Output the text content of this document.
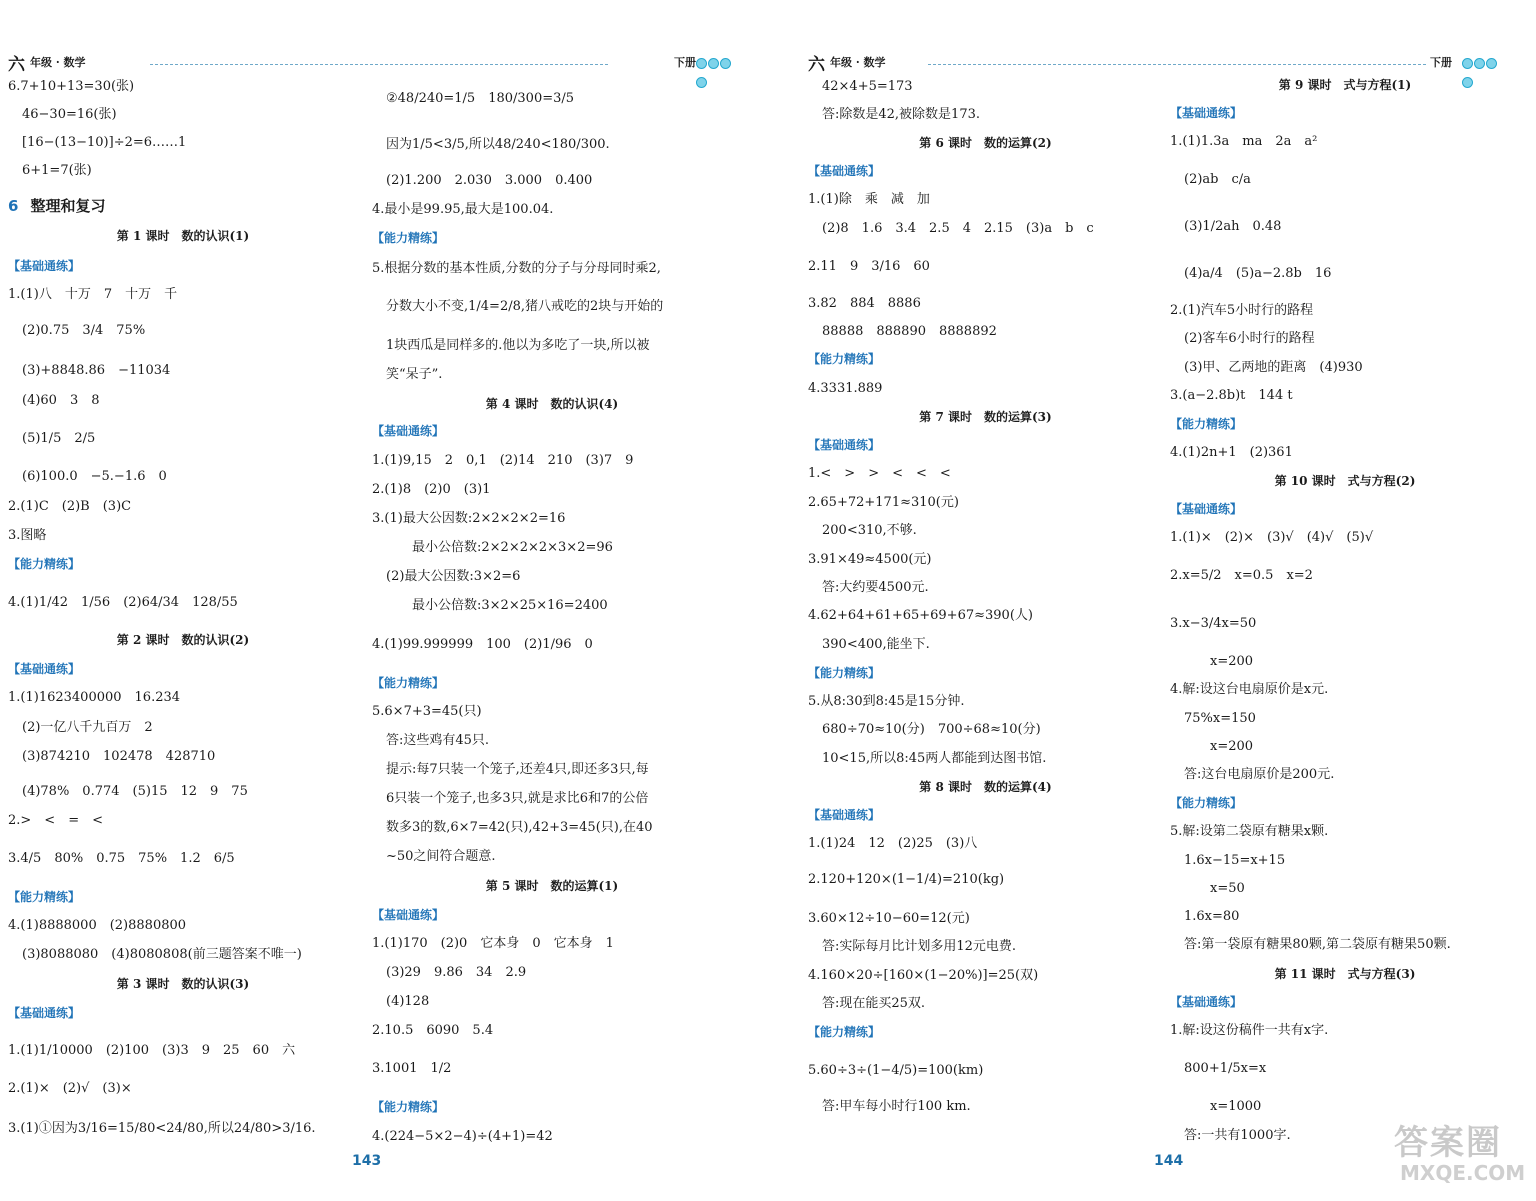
六 年级 · 数学	下册
6.7+10+13=30(张)
46−30=16(张)
[16−(13−10)]÷2=6……1
6+1=7(张)
6 整理和复习
第 1 课时　数的认识(1)
【基础通练】
1.(1)八　十万　7　十万　千
(2)0.75　3/4　75%
(3)+8848.86　−11034
(4)60　3　8
(5)1/5　2/5
(6)100.0　−5.−1.6　0
2.(1)C　(2)B　(3)C
3.图略
【能力精练】
4.(1)1/42　1/56　(2)64/34　128/55
第 2 课时　数的认识(2)
【基础通练】
1.(1)1623400000　16.234
(2)一亿八千九百万　2
(3)874210　102478　428710
(4)78%　0.774　(5)15　12　9　75
2.>　<　=　<
3.4/5　80%　0.75　75%　1.2　6/5
【能力精练】
4.(1)8888000　(2)8880800
(3)8088080　(4)8080808(前三题答案不唯一)
第 3 课时　数的认识(3)
【基础通练】
1.(1)1/10000　(2)100　(3)3　9　25　60　六
2.(1)×　(2)√　(3)×
3.(1)①因为3/16=15/80<24/80,所以24/80>3/16.
②48/240=1/5　180/300=3/5
因为1/5<3/5,所以48/240<180/300.
(2)1.200　2.030　3.000　0.400
4.最小是99.95,最大是100.04.
【能力精练】
5.根据分数的基本性质,分数的分子与分母同时乘2,
分数大小不变,1/4=2/8,猪八戒吃的2块与开始的
1块西瓜是同样多的.他以为多吃了一块,所以被
笑“呆子”.
第 4 课时　数的认识(4)
【基础通练】
1.(1)9,15　2　0,1　(2)14　210　(3)7　9
2.(1)8　(2)0　(3)1
3.(1)最大公因数:2×2×2×2=16
最小公倍数:2×2×2×2×3×2=96
(2)最大公因数:3×2=6
最小公倍数:3×2×25×16=2400
4.(1)99.999999　100　(2)1/96　0
【能力精练】
5.6×7+3=45(只)
答:这些鸡有45只.
提示:每7只装一个笼子,还差4只,即还多3只,每
6只装一个笼子,也多3只,就是求比6和7的公倍
数多3的数,6×7=42(只),42+3=45(只),在40
~50之间符合题意.
第 5 课时　数的运算(1)
【基础通练】
1.(1)170　(2)0　它本身　0　它本身　1
(3)29　9.86　34　2.9
(4)128
2.10.5　6090　5.4
3.1001　1/2
【能力精练】
4.(224−5×2−4)÷(4+1)=42
143
六 年级 · 数学	下册
42×4+5=173
答:除数是42,被除数是173.
第 6 课时　数的运算(2)
【基础通练】
1.(1)除　乘　减　加
(2)8　1.6　3.4　2.5　4　2.15　(3)a　b　c
2.11　9　3/16　60
3.82　884　8886
88888　888890　8888892
【能力精练】
4.3331.889
第 7 课时　数的运算(3)
【基础通练】
1.<　>　>　<　<　<
2.65+72+171≈310(元)
200<310,不够.
3.91×49≈4500(元)
答:大约要4500元.
4.62+64+61+65+69+67≈390(人)
390<400,能坐下.
【能力精练】
5.从8:30到8:45是15分钟.
680÷70≈10(分)　700÷68≈10(分)
10<15,所以8:45两人都能到达图书馆.
第 8 课时　数的运算(4)
【基础通练】
1.(1)24　12　(2)25　(3)八
2.120+120×(1−1/4)=210(kg)
3.60×12÷10−60=12(元)
答:实际每月比计划多用12元电费.
4.160×20÷[160×(1−20%)]=25(双)
答:现在能买25双.
【能力精练】
5.60÷3÷(1−4/5)=100(km)
答:甲车每小时行100 km.
第 9 课时　式与方程(1)
【基础通练】
1.(1)1.3a　ma　2a　a²
(2)ab　c/a
(3)1/2ah　0.48
(4)a/4　(5)a−2.8b　16
2.(1)汽车5小时行的路程
(2)客车6小时行的路程
(3)甲、乙两地的距离　(4)930
3.(a−2.8b)t　144 t
【能力精练】
4.(1)2n+1　(2)361
第 10 课时　式与方程(2)
【基础通练】
1.(1)×　(2)×　(3)√　(4)√　(5)√
2.x=5/2　x=0.5　x=2
3.x−3/4x=50
x=200
4.解:设这台电扇原价是x元.
75%x=150
x=200
答:这台电扇原价是200元.
【能力精练】
5.解:设第二袋原有糖果x颗.
1.6x−15=x+15
x=50
1.6x=80
答:第一袋原有糖果80颗,第二袋原有糖果50颗.
第 11 课时　式与方程(3)
【基础通练】
1.解:设这份稿件一共有x字.
800+1/5x=x
x=1000
答:一共有1000字.
144	答案圈
MXQE.COM
